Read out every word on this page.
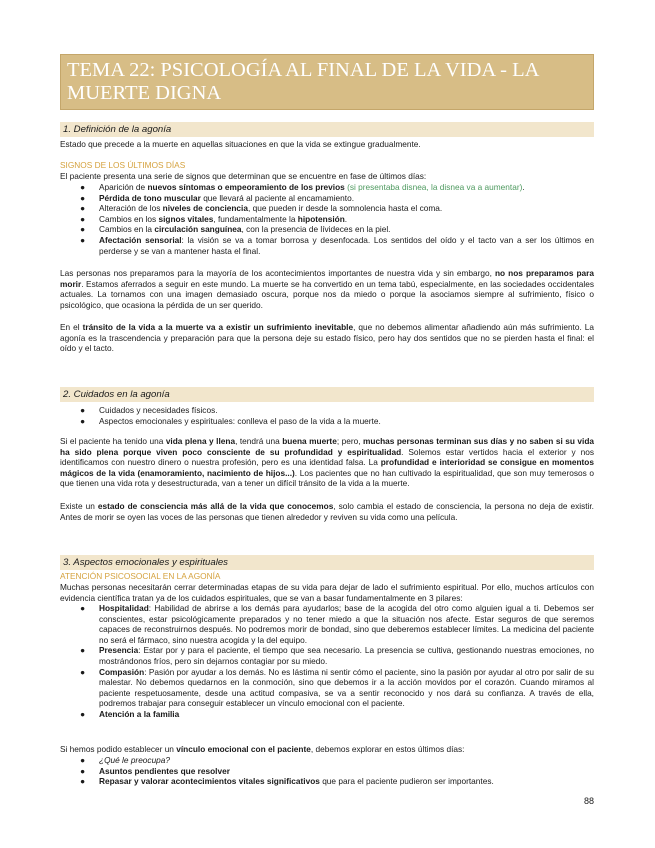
TEMA 22: PSICOLOGÍA AL FINAL DE LA VIDA - LA MUERTE DIGNA
1. Definición de la agonía

Estado que precede a la muerte en aquellas situaciones en que la vida se extingue gradualmente.

SIGNOS DE LOS ÚLTIMOS DÍAS

El paciente presenta una serie de signos que determinan que se encuentre en fase de últimos días:

● Aparición de nuevos síntomas o empeoramiento de los previos (si presentaba disnea, la disnea va a aumentar).
● Pérdida de tono muscular que llevará al paciente al encamamiento.
● Alteración de los niveles de conciencia, que pueden ir desde la somnolencia hasta el coma.
● Cambios en los signos vitales, fundamentalmente la hipotensión.
● Cambios en la circulación sanguínea, con la presencia de lívideces en la piel.
● Afectación sensorial: la visión se va a tomar borrosa y desenfocada. Los sentidos del oído y el tacto van a ser los últimos en perderse y se van a mantener hasta el final.

Las personas nos preparamos para la mayoría de los acontecimientos importantes de nuestra vida y sin embargo, no nos preparamos para morir. Estamos aferrados a seguir en este mundo. La muerte se ha convertido en un tema tabú, especialmente, en las sociedades occidentales actuales. La tornamos con una imagen demasiado oscura, porque nos da miedo o porque la asociamos siempre al sufrimiento, físico o psicológico, que ocasiona la pérdida de un ser querido.

En el tránsito de la vida a la muerte va a existir un sufrimiento inevitable, que no debemos alimentar añadiendo aún más sufrimiento. La agonía es la trascendencia y preparación para que la persona deje su estado físico, pero hay dos sentidos que no se pierden hasta el final: el oído y el tacto.

2. Cuidados en la agonía
● Cuidados y necesidades físicos.
● Aspectos emocionales y espirituales: conlleva el paso de la vida a la muerte.

Si el paciente ha tenido una vida plena y llena, tendrá una buena muerte; pero, muchas personas terminan sus días y no saben si su vida ha sido plena porque viven poco consciente de su profundidad y espiritualidad. Solemos estar vertidos hacia el exterior y nos identificamos con nuestro dinero o nuestra profesión, pero es una identidad falsa. La profundidad e interioridad se consigue en momentos mágicos de la vida (enamoramiento, nacimiento de hijos...). Los pacientes que no han cultivado la espiritualidad, que son muy temerosos o que tienen una vida rota y desestructurada, van a tener un difícil tránsito de la vida a la muerte.

Existe un estado de consciencia más allá de la vida que conocemos, solo cambia el estado de consciencia, la persona no deja de existir. Antes de morir se oyen las voces de las personas que tienen alrededor y reviven su vida como una película.

3. Aspectos emocionales y espirituales

ATENCIÓN PSICOSOCIAL EN LA AGONÍA

Muchas personas necesitarán cerrar determinadas etapas de su vida para dejar de lado el sufrimiento espiritual. Por ello, muchos artículos con evidencia científica tratan ya de los cuidados espirituales, que se van a basar fundamentalmente en 3 pilares:

● Hospitalidad: Habilidad de abrirse a los demás para ayudarlos; base de la acogida del otro como alguien igual a ti. Debemos ser conscientes, estar psicológicamente preparados y no tener miedo a que la situación nos afecte. Estar seguros de que seremos capaces de reconstruirnos después. No podremos morir de bondad, sino que deberemos establecer límites. La medicina del paciente no será el fármaco, sino nuestra acogida y la del equipo.
● Presencia: Estar por y para el paciente, el tiempo que sea necesario. La presencia se cultiva, gestionando nuestras emociones, no mostrándonos fríos, pero sin dejarnos contagiar por su miedo.
● Compasión: Pasión por ayudar a los demás. No es lástima ni sentir cómo el paciente, sino la pasión por ayudar al otro por salir de su malestar. No debemos quedarnos en la conmoción, sino que debemos ir a la acción movidos por el corazón. Cuando miramos al paciente respetuosamente, desde una actitud compasiva, se va a sentir reconocido y nos dará su confianza. A través de ella, podremos trabajar para conseguir establecer un vínculo emocional con el paciente.
● Atención a la familia

Si hemos podido establecer un vínculo emocional con el paciente, debemos explorar en estos últimos días:

● ¿Qué le preocupa?
● Asuntos pendientes que resolver
● Repasar y valorar acontecimientos vitales significativos que para el paciente pudieron ser importantes.
88
